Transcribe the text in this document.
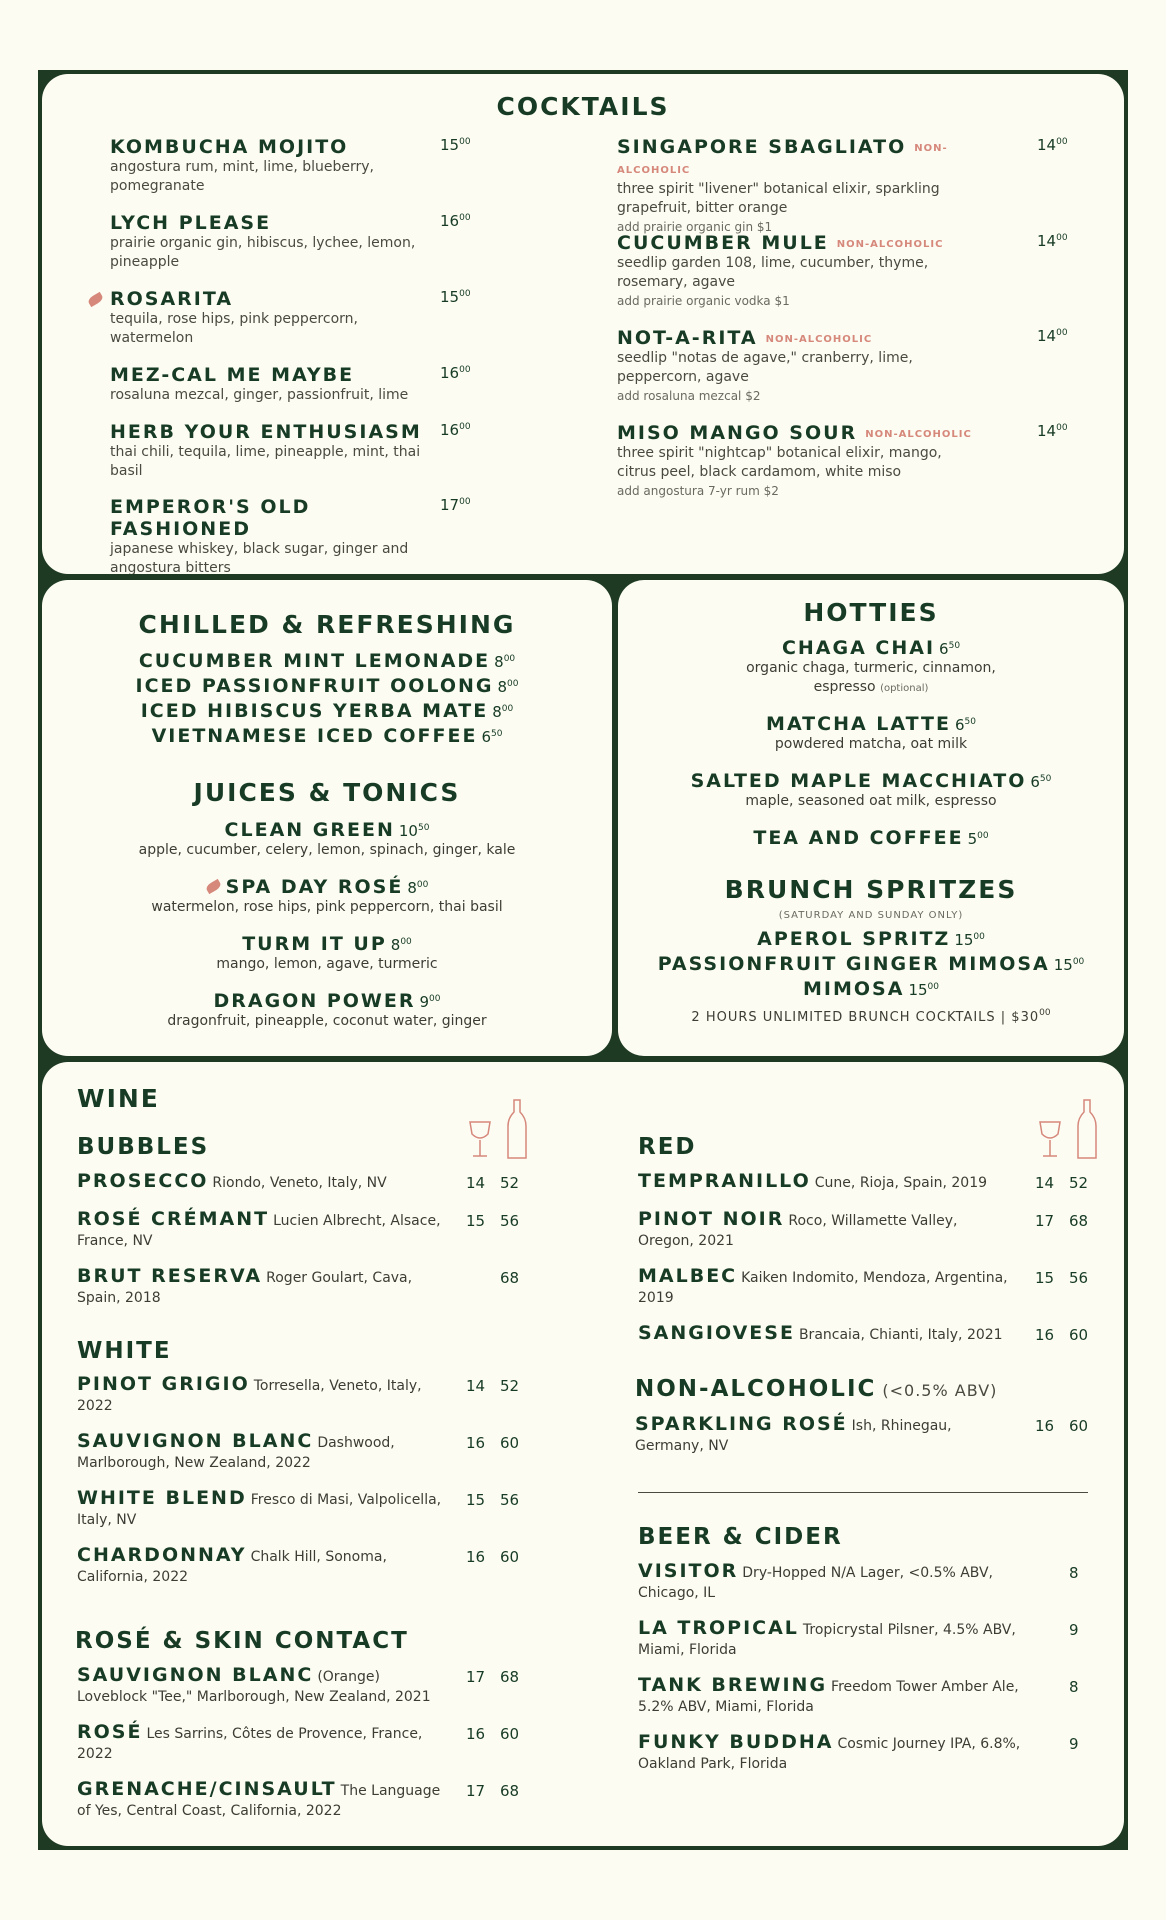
COCKTAILS
KOMBUCHA MOJITO	$15^{00}$
angostura rum, mint, lime, blueberry, pomegranate
LYCH PLEASE	$16^{00}$
prairie organic gin, hibiscus, lychee, lemon, pineapple
ROSARITA	$15^{00}$
tequila, rose hips, pink peppercorn, watermelon
MEZ-CAL ME MAYBE	$16^{00}$
rosaluna mezcal, ginger, passionfruit, lime
HERB YOUR ENTHUSIASM	$16^{00}$
thai chili, tequila, lime, pineapple, mint, thai basil
EMPEROR'S OLD FASHIONED
$17^{00}$
japanese whiskey, black sugar, ginger and angostura bitters
SINGAPORE SBAGLIATO NON-ALCOHOLIC
$14^{00}$
three spirit "livener" botanical elixir, sparkling grapefruit, bitter orange
add prairie organic gin $1
CUCUMBER MULE NON-ALCOHOLIC	$14^{00}$
seedlip garden 108, lime, cucumber, thyme, rosemary, agave
add prairie organic vodka $1
NOT-A-RITA NON-ALCOHOLIC	$14^{00}$
seedlip "notas de agave," cranberry, lime, peppercorn, agave
add rosaluna mezcal $2
MISO MANGO SOUR NON-ALCOHOLIC	$14^{00}$
three spirit "nightcap" botanical elixir, mango, citrus peel, black cardamom, white miso
add angostura 7-yr rum $2
CHILLED & REFRESHING
CUCUMBER MINT LEMONADE $8^{00}$
ICED PASSIONFRUIT OOLONG $8^{00}$
ICED HIBISCUS YERBA MATE $8^{00}$
VIETNAMESE ICED COFFEE $6^{50}$
JUICES & TONICS
CLEAN GREEN $10^{50}$
apple, cucumber, celery, lemon, spinach, ginger, kale
SPA DAY ROSÉ $8^{00}$
watermelon, rose hips, pink peppercorn, thai basil
TURM IT UP $8^{00}$
mango, lemon, agave, turmeric
DRAGON POWER $9^{00}$
dragonfruit, pineapple, coconut water, ginger
HOTTIES
CHAGA CHAI $6^{50}$
organic chaga, turmeric, cinnamon,
espresso (optional)
MATCHA LATTE $6^{50}$
powdered matcha, oat milk
SALTED MAPLE MACCHIATO $6^{50}$
maple, seasoned oat milk, espresso
TEA AND COFFEE $5^{00}$
BRUNCH SPRITZES
(SATURDAY AND SUNDAY ONLY)
APEROL SPRITZ $15^{00}$
PASSIONFRUIT GINGER MIMOSA $15^{00}$
MIMOSA $15^{00}$
2 HOURS UNLIMITED BRUNCH COCKTAILS | $\$30^{00}$
WINE
BUBBLES
PROSECCO Riondo, Veneto, Italy, NV	14 52
ROSÉ CRÉMANT Lucien Albrecht, Alsace, France, NV
15 56
BRUT RESERVA Roger Goulart, Cava, Spain, 2018
68
WHITE
PINOT GRIGIO Torresella, Veneto, Italy, 2022
14 52
SAUVIGNON BLANC Dashwood, Marlborough, New Zealand, 2022
16 60
WHITE BLEND Fresco di Masi, Valpolicella, Italy, NV
15 56
CHARDONNAY Chalk Hill, Sonoma, California, 2022
16 60
ROSÉ & SKIN CONTACT
SAUVIGNON BLANC (Orange) Loveblock "Tee," Marlborough, New Zealand, 2021
17 68
ROSÉ Les Sarrins, Côtes de Provence, France, 2022
16 60
GRENACHE/CINSAULT The Language of Yes, Central Coast, California, 2022
17 68
RED
TEMPRANILLO Cune, Rioja, Spain, 2019	14 52
PINOT NOIR Roco, Willamette Valley, Oregon, 2021
17 68
MALBEC Kaiken Indomito, Mendoza, Argentina, 2019
15 56
SANGIOVESE Brancaia, Chianti, Italy, 2021	16 60
NON-ALCOHOLIC (<0.5% ABV)
SPARKLING ROSÉ Ish, Rhinegau, Germany, NV
16 60
BEER & CIDER
VISITOR Dry-Hopped N/A Lager, <0.5% ABV, Chicago, IL
8
LA TROPICAL Tropicrystal Pilsner, 4.5% ABV, Miami, Florida
9
TANK BREWING Freedom Tower Amber Ale, 5.2% ABV, Miami, Florida
8
FUNKY BUDDHA Cosmic Journey IPA, 6.8%, Oakland Park, Florida
9
